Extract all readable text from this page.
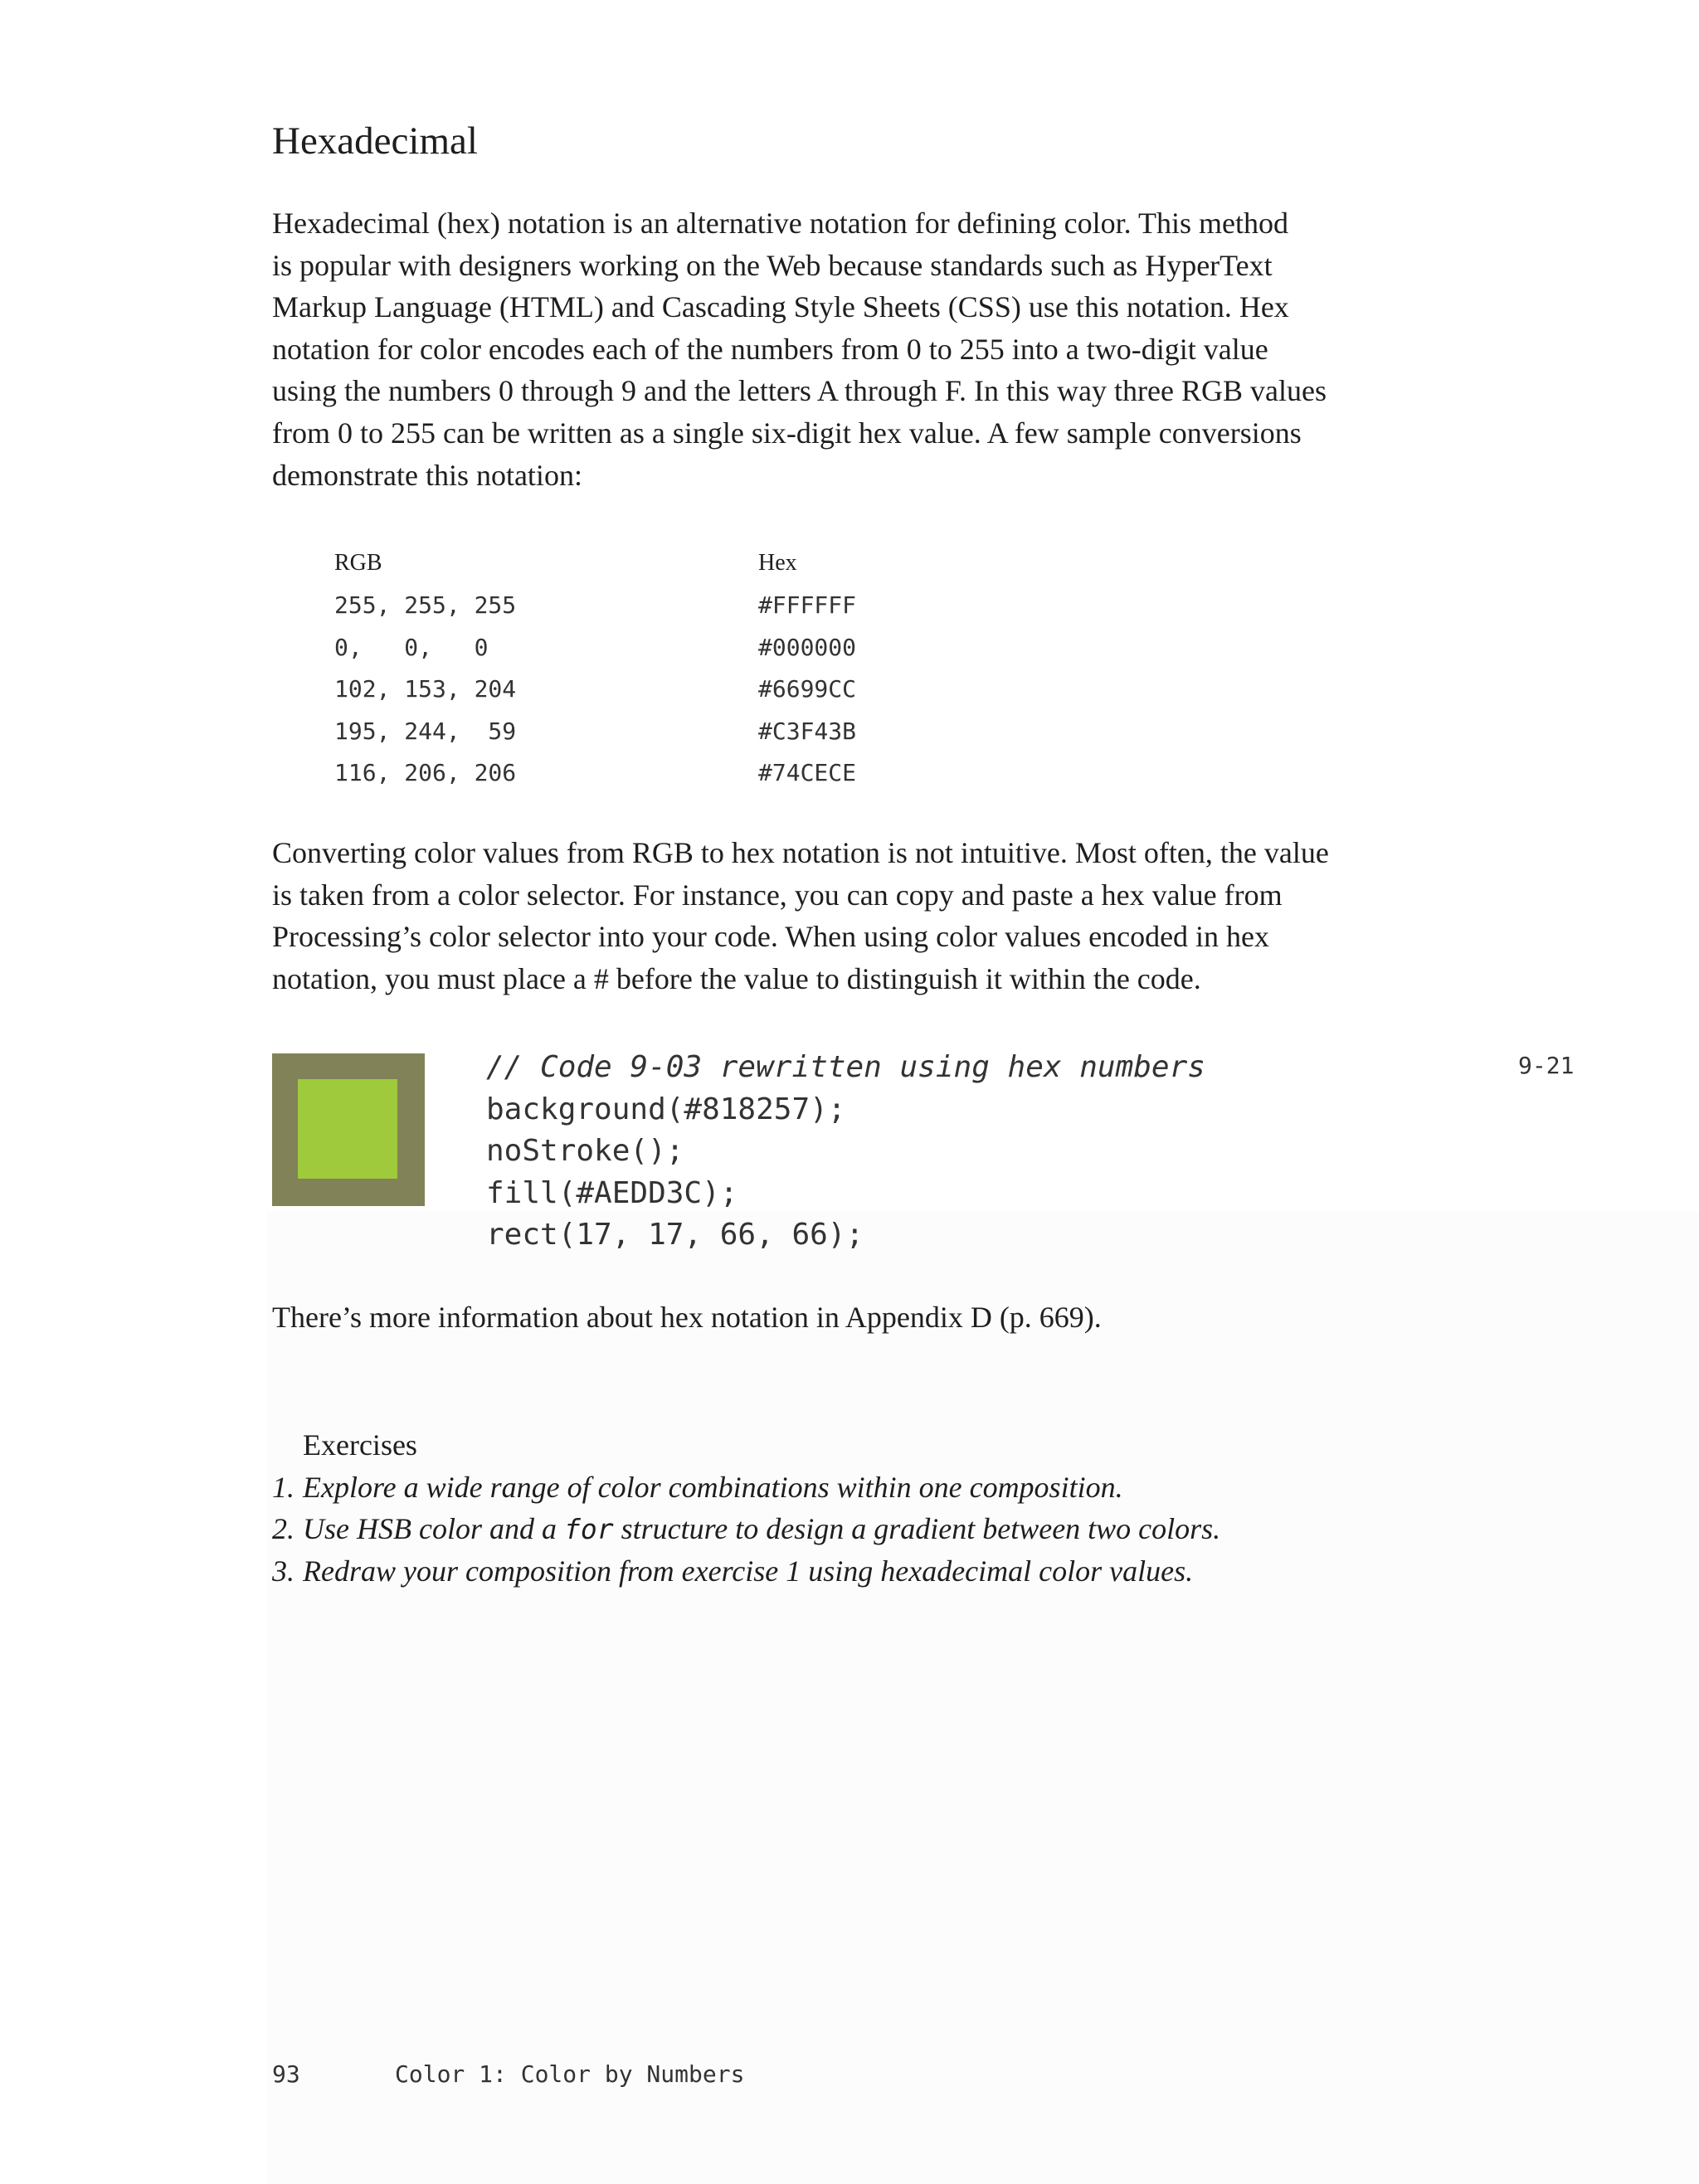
Hexadecimal

Hexadecimal (hex) notation is an alternative notation for defining color. This method

is popular with designers working on the Web because standards such as HyperText

Markup Language (HTML) and Cascading Style Sheets (CSS) use this notation. Hex

notation for color encodes each of the numbers from 0 to 255 into a two-digit value

using the numbers 0 through 9 and the letters A through F. In this way three RGB values

from 0 to 255 can be written as a single six-digit hex value. A few sample conversions

demonstrate this notation:

RGB	Hex
255, 255, 255	#FFFFFF
0,   0,   0	#000000
102, 153, 204	#6699CC
195, 244,  59	#C3F43B
116, 206, 206	#74CECE

Converting color values from RGB to hex notation is not intuitive. Most often, the value

is taken from a color selector. For instance, you can copy and paste a hex value from

Processing’s color selector into your code. When using color values encoded in hex

notation, you must place a # before the value to distinguish it within the code.

// Code 9-03 rewritten using hex numbers
background(#818257);
noStroke();
fill(#AEDD3C);
rect(17, 17, 66, 66);
9-21
There’s more information about hex notation in Appendix D (p. 669).
Exercises
1. Explore a wide range of color combinations within one composition.
2. Use HSB color and a for structure to design a gradient between two colors.
3. Redraw your composition from exercise 1 using hexadecimal color values.
93	Color 1: Color by Numbers
